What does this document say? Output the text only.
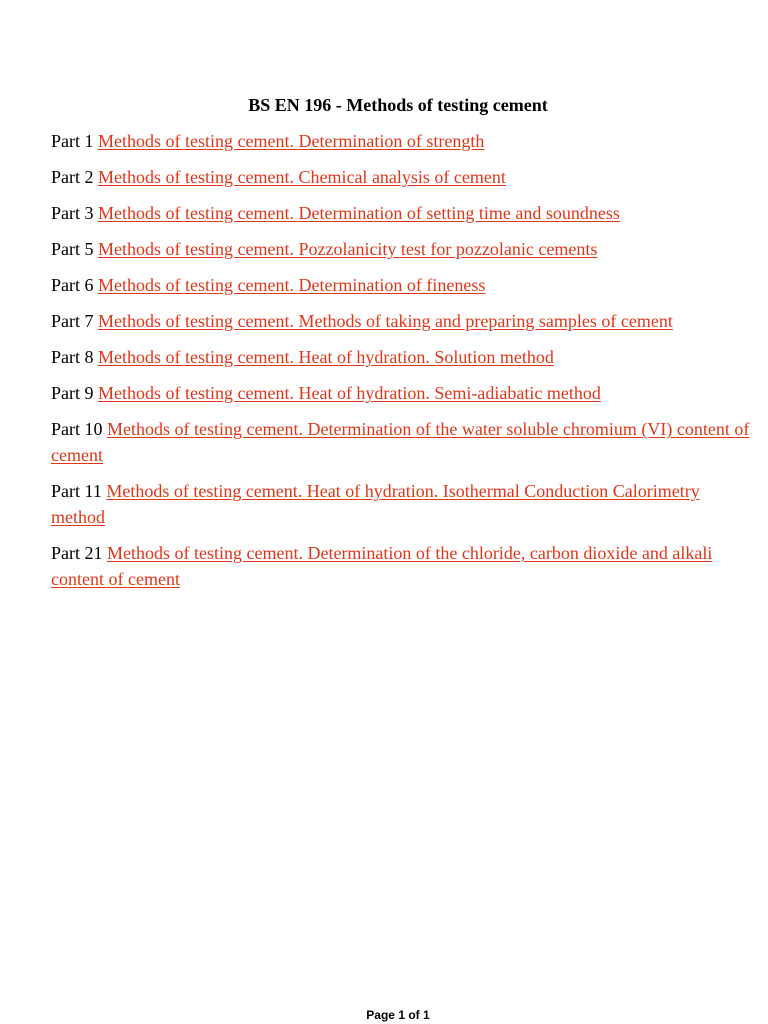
BS EN 196 - Methods of testing cement
Part 1 Methods of testing cement. Determination of strength
Part 2 Methods of testing cement. Chemical analysis of cement
Part 3 Methods of testing cement. Determination of setting time and soundness
Part 5 Methods of testing cement. Pozzolanicity test for pozzolanic cements
Part 6 Methods of testing cement. Determination of fineness
Part 7 Methods of testing cement. Methods of taking and preparing samples of cement
Part 8 Methods of testing cement. Heat of hydration. Solution method
Part 9 Methods of testing cement. Heat of hydration. Semi-adiabatic method
Part 10 Methods of testing cement. Determination of the water soluble chromium (VI) content of cement
Part 11 Methods of testing cement. Heat of hydration. Isothermal Conduction Calorimetry method
Part 21 Methods of testing cement. Determination of the chloride, carbon dioxide and alkali content of cement
Page 1 of 1
